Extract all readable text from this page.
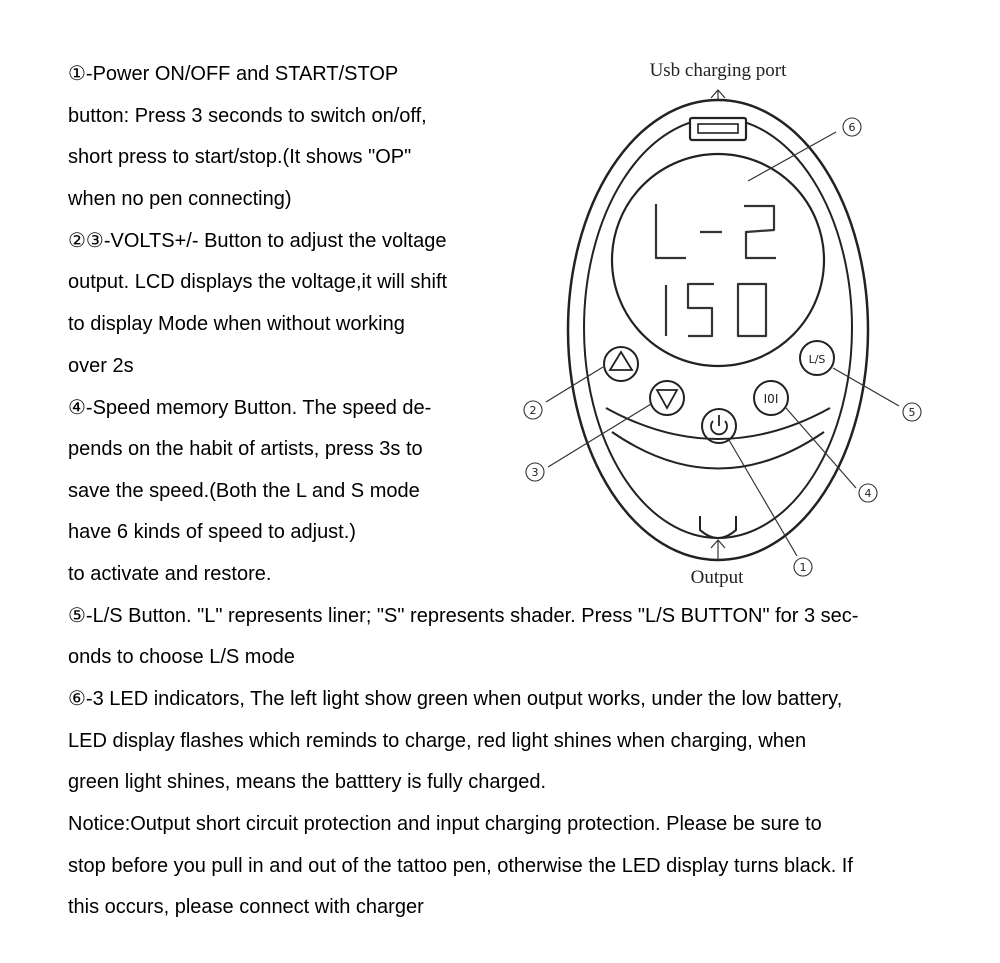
①-Power ON/OFF and START/STOP
button: Press 3 seconds to switch on/off,
short press to start/stop.(It shows "OP"
when no pen connecting)
②③-VOLTS+/- Button to adjust the voltage
output. LCD displays the voltage,it will shift
to display Mode when without working
over 2s
④-Speed memory Button. The speed de-
pends on the habit of artists, press 3s to
save the speed.(Both the L and S mode
have 6 kinds of speed to adjust.)
to activate and restore.
⑤-L/S Button. "L" represents liner; "S" represents shader. Press "L/S BUTTON" for 3 sec-
onds to choose L/S mode
⑥-3 LED indicators, The left light show green when output works, under the low battery,
LED display flashes which reminds to charge, red light shines when charging, when
green light shines, means the batttery is fully charged.
Notice:Output short circuit protection and input charging protection. Please be sure to
stop before you pull in and out of the tattoo pen, otherwise the LED display turns black. If
this occurs, please connect with charger
Usb charging port
I0I
L/S
Output
6
2
3
5
4
1
